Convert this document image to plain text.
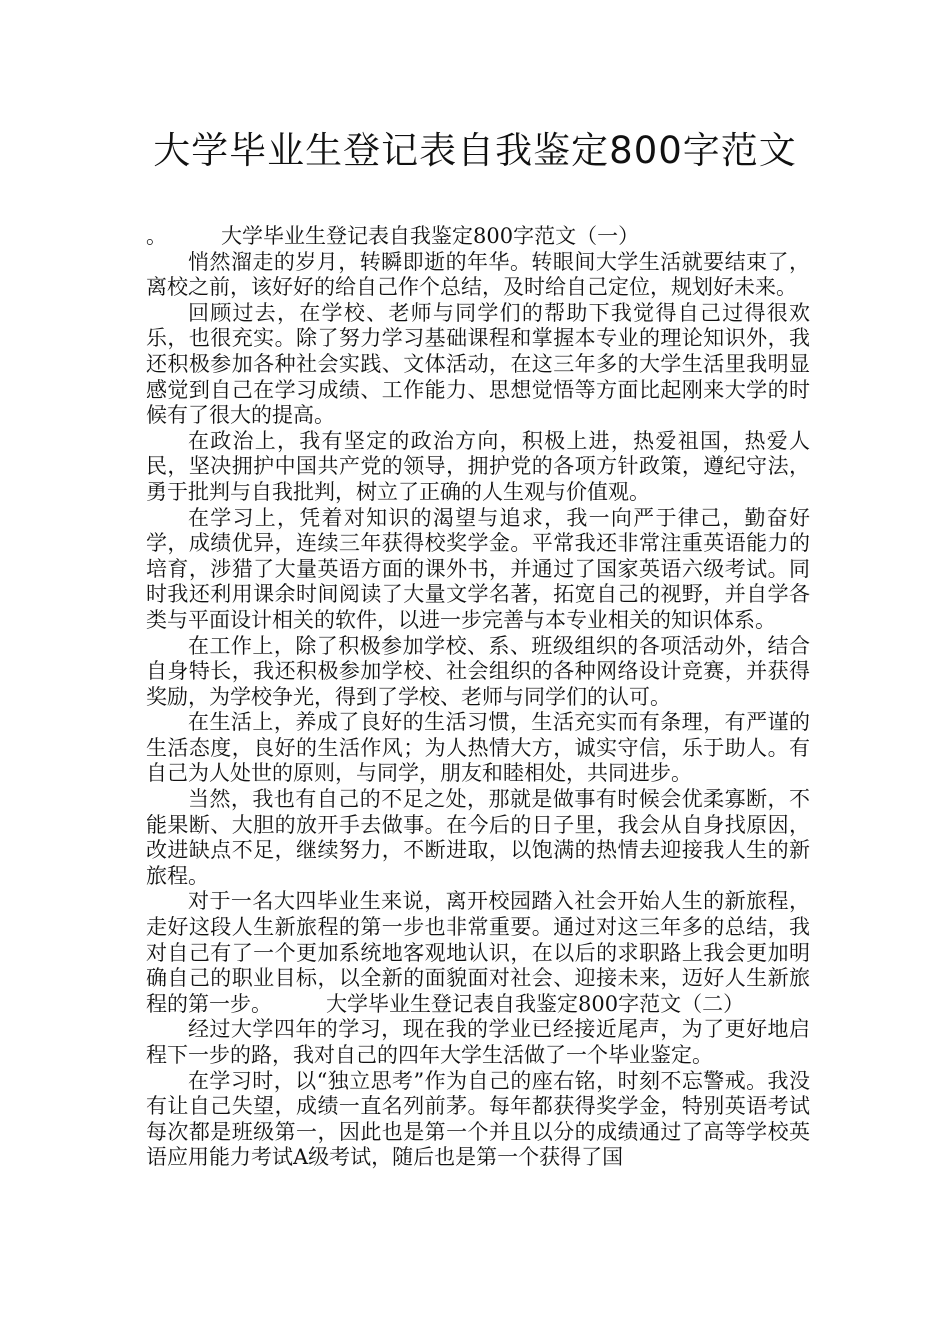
大学毕业生登记表自我鉴定800字范文

。	大学毕业生登记表自我鉴定800字范文（一）

悄然溜走的岁月，转瞬即逝的年华。转眼间大学生活就要结束了，离校之前，该好好的给自己作个总结，及时给自己定位，规划好未来。

回顾过去，在学校、老师与同学们的帮助下我觉得自己过得很欢乐，也很充实。除了努力学习基础课程和掌握本专业的理论知识外，我还积极参加各种社会实践、文体活动，在这三年多的大学生活里我明显感觉到自己在学习成绩、工作能力、思想觉悟等方面比起刚来大学的时候有了很大的提高。

在政治上，我有坚定的政治方向，积极上进，热爱祖国，热爱人民，坚决拥护中国共产党的领导，拥护党的各项方针政策，遵纪守法，勇于批判与自我批判，树立了正确的人生观与价值观。

在学习上，凭着对知识的渴望与追求，我一向严于律己，勤奋好学，成绩优异，连续三年获得校奖学金。平常我还非常注重英语能力的培育，涉猎了大量英语方面的课外书，并通过了国家英语六级考试。同时我还利用课余时间阅读了大量文学名著，拓宽自己的视野，并自学各类与平面设计相关的软件，以进一步完善与本专业相关的知识体系。

在工作上，除了积极参加学校、系、班级组织的各项活动外，结合自身特长，我还积极参加学校、社会组织的各种网络设计竞赛，并获得奖励，为学校争光，得到了学校、老师与同学们的认可。

在生活上，养成了良好的生活习惯，生活充实而有条理，有严谨的生活态度，良好的生活作风；为人热情大方，诚实守信，乐于助人。有自己为人处世的原则，与同学，朋友和睦相处，共同进步。

当然，我也有自己的不足之处，那就是做事有时候会优柔寡断，不能果断、大胆的放开手去做事。在今后的日子里，我会从自身找原因，改进缺点不足，继续努力，不断进取，以饱满的热情去迎接我人生的新旅程。

对于一名大四毕业生来说，离开校园踏入社会开始人生的新旅程，走好这段人生新旅程的第一步也非常重要。通过对这三年多的总结，我对自己有了一个更加系统地客观地认识，在以后的求职路上我会更加明确自己的职业目标，以全新的面貌面对社会、迎接未来，迈好人生新旅程的第一步。	大学毕业生登记表自我鉴定800字范文（二）

经过大学四年的学习，现在我的学业已经接近尾声，为了更好地启程下一步的路，我对自己的四年大学生活做了一个毕业鉴定。

在学习时，以“独立思考”作为自己的座右铭，时刻不忘警戒。我没有让自己失望，成绩一直名列前茅。每年都获得奖学金，特别英语考试每次都是班级第一，因此也是第一个并且以分的成绩通过了高等学校英语应用能力考试A级考试，随后也是第一个获得了国
